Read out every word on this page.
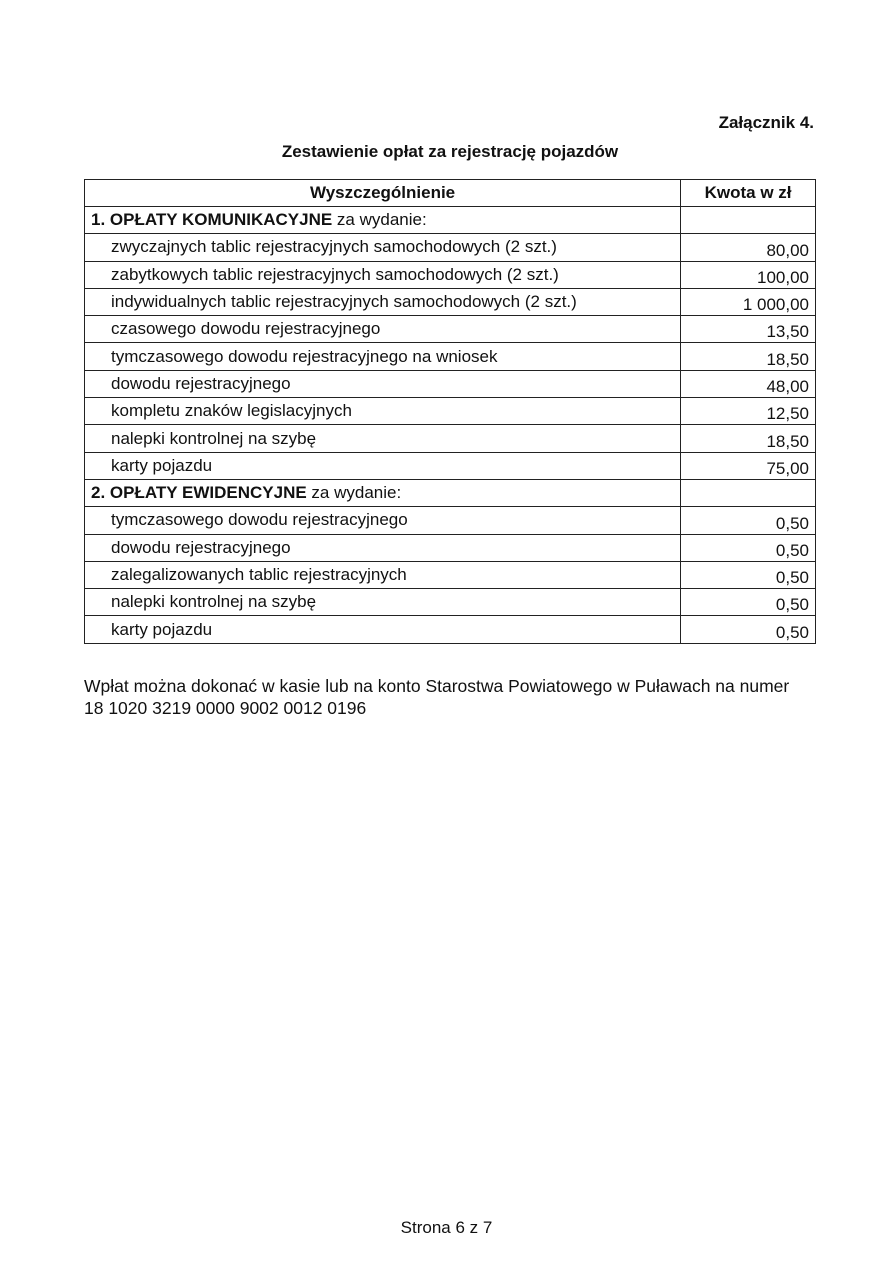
Załącznik 4.
Zestawienie opłat za rejestrację pojazdów
Wyszczególnienie	Kwota w zł
1. OPŁATY KOMUNIKACYJNE za wydanie:	
zwyczajnych tablic rejestracyjnych samochodowych (2 szt.)	80,00
zabytkowych tablic rejestracyjnych samochodowych (2 szt.)	100,00
indywidualnych tablic rejestracyjnych samochodowych (2 szt.)	1 000,00
czasowego dowodu rejestracyjnego	13,50
tymczasowego dowodu rejestracyjnego na wniosek	18,50
dowodu rejestracyjnego	48,00
kompletu znaków legislacyjnych	12,50
nalepki kontrolnej na szybę	18,50
karty pojazdu	75,00
2. OPŁATY EWIDENCYJNE za wydanie:	
tymczasowego dowodu rejestracyjnego	0,50
dowodu rejestracyjnego	0,50
zalegalizowanych tablic rejestracyjnych	0,50
nalepki kontrolnej na szybę	0,50
karty pojazdu	0,50
Wpłat można dokonać w kasie lub na konto Starostwa Powiatowego w Puławach na numer
18 1020 3219 0000 9002 0012 0196
Strona 6 z 7
